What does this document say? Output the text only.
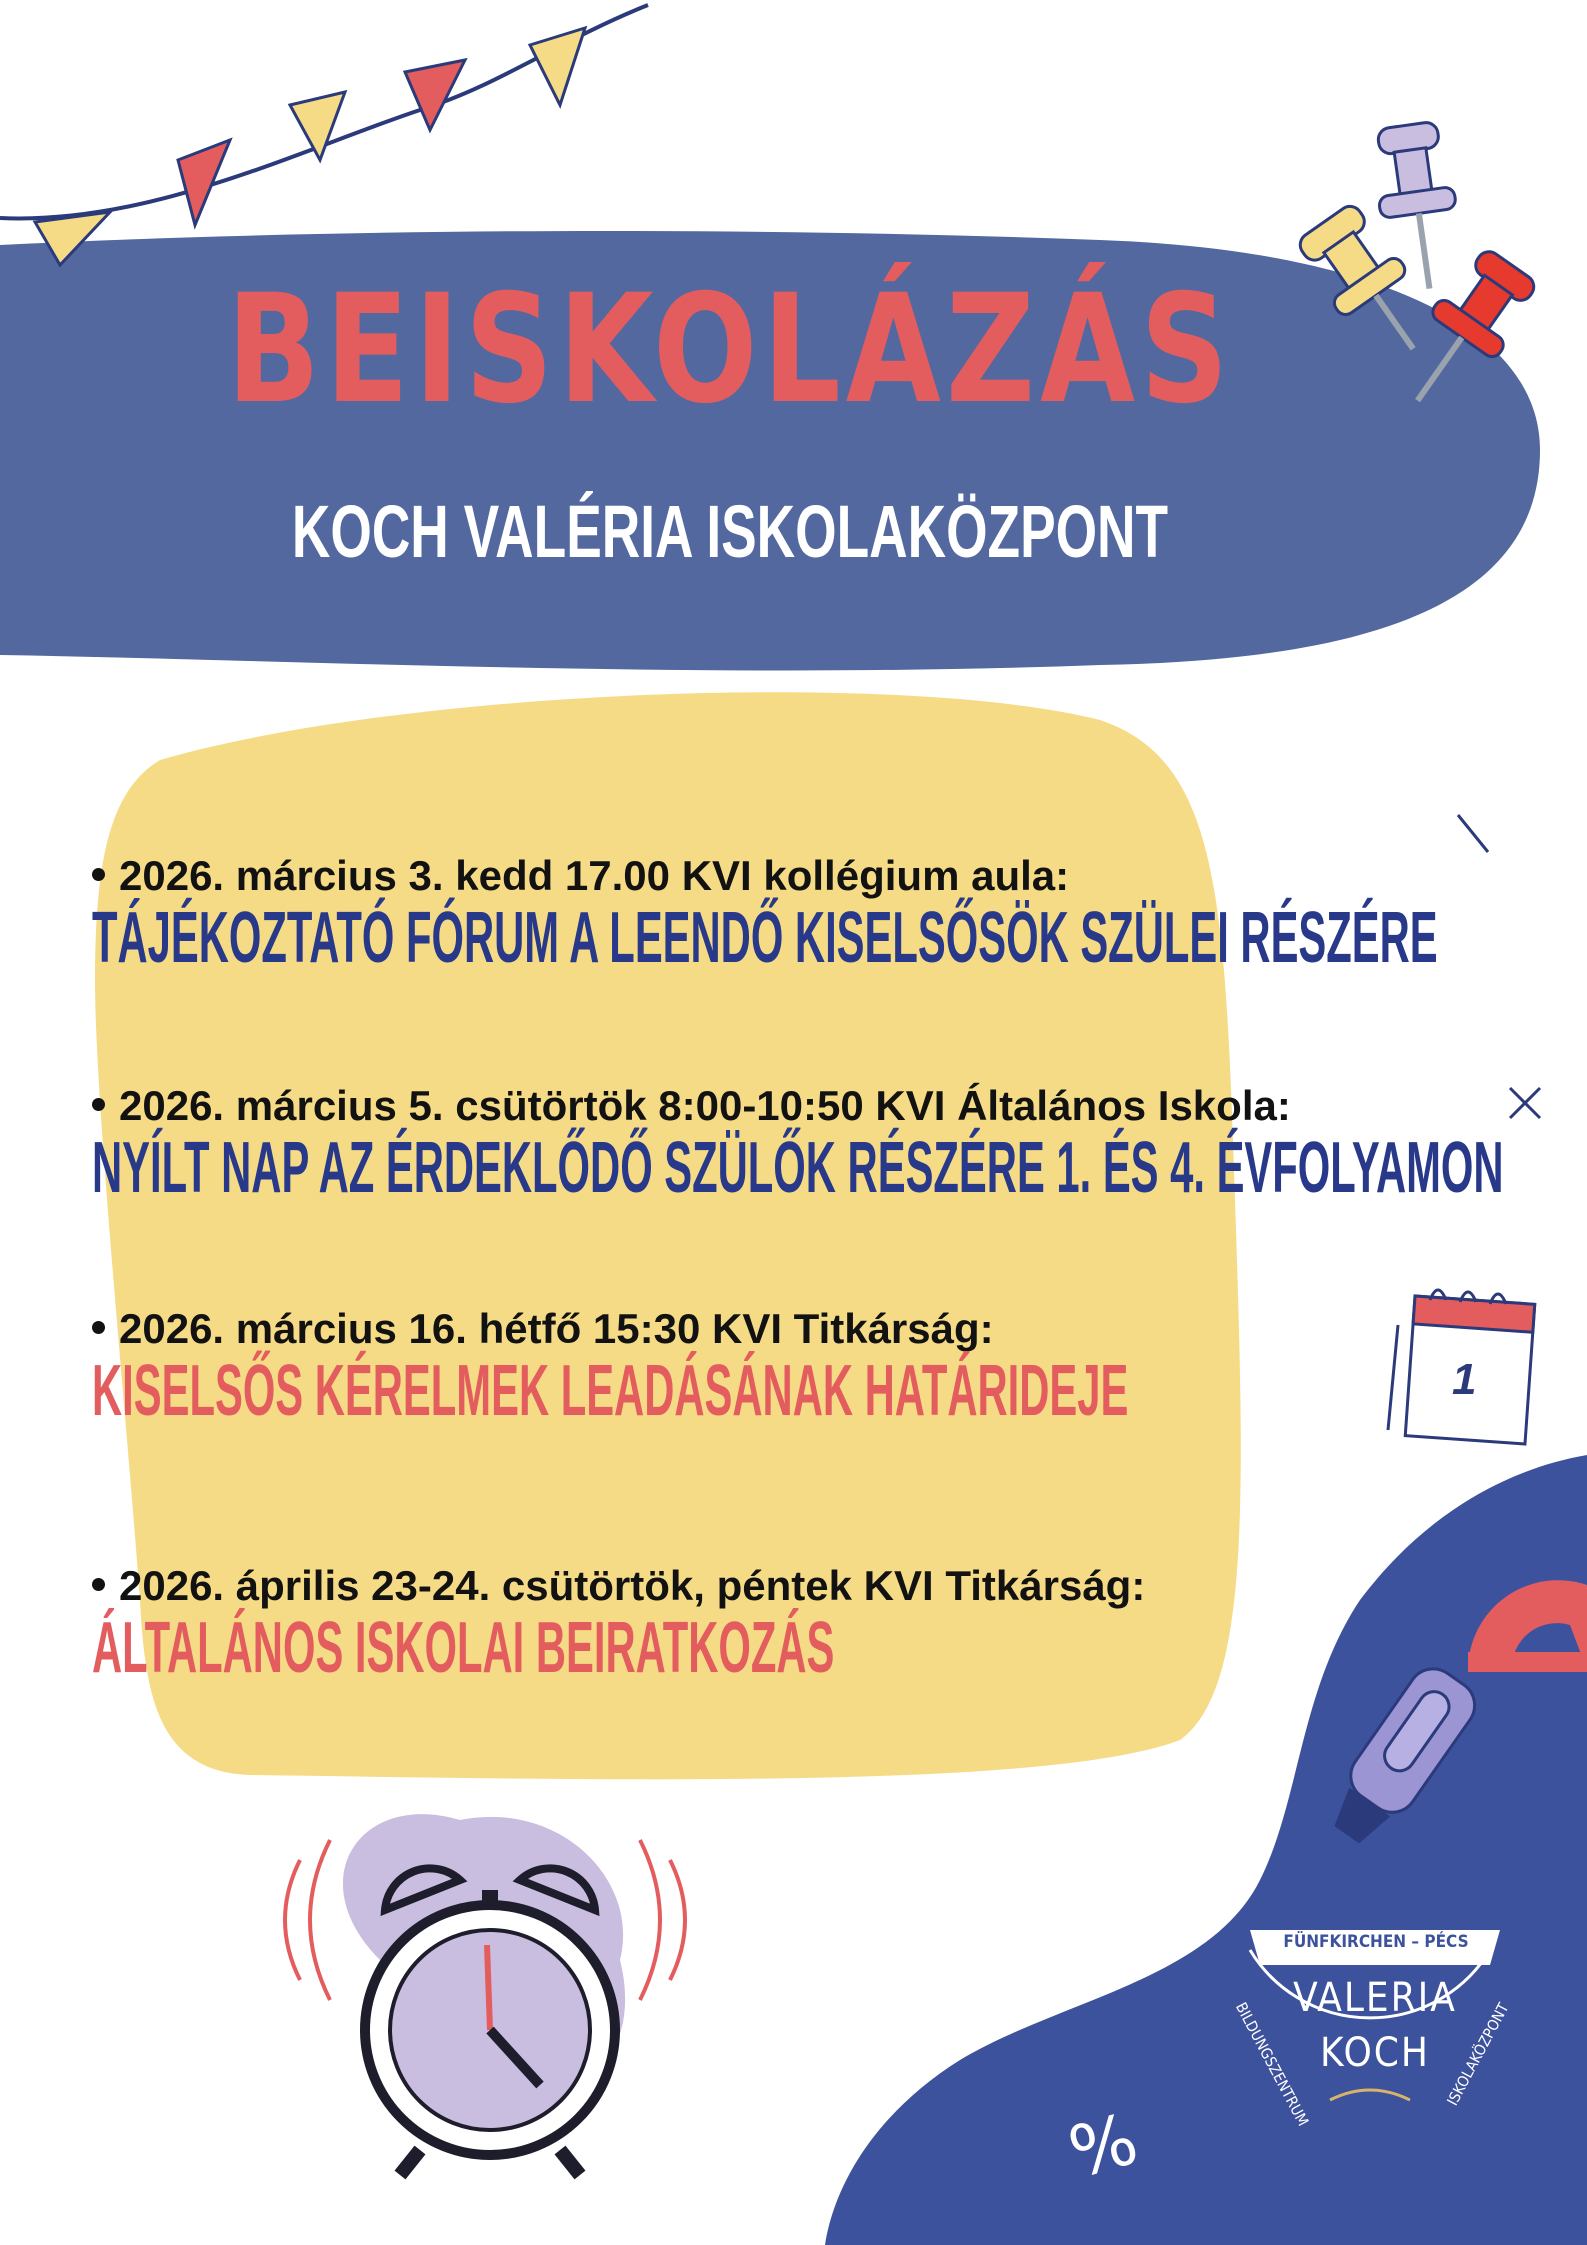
BEISKOLÁZÁS
KOCH VALÉRIA ISKOLAKÖZPONT
2026. március 3. kedd 17.00 KVI kollégium aula:
TÁJÉKOZTATÓ FÓRUM A LEENDŐ KISELSŐSÖK SZÜLEI RÉSZÉRE
2026. március 5. csütörtök 8:00-10:50 KVI Általános Iskola:
NYÍLT NAP AZ ÉRDEKLŐDŐ SZÜLŐK RÉSZÉRE 1. ÉS 4. ÉVFOLYAMON
2026. március 16. hétfő 15:30 KVI Titkárság:
KISELSŐS KÉRELMEK LEADÁSÁNAK HATÁRIDEJE
2026. április 23-24. csütörtök, péntek KVI Titkárság:
ÁLTALÁNOS ISKOLAI BEIRATKOZÁS
1
%
FÜNFKIRCHEN – PÉCS
VALERIA
KOCH
BILDUNGSZENTRUM	ISKOLAKÖZPONT
